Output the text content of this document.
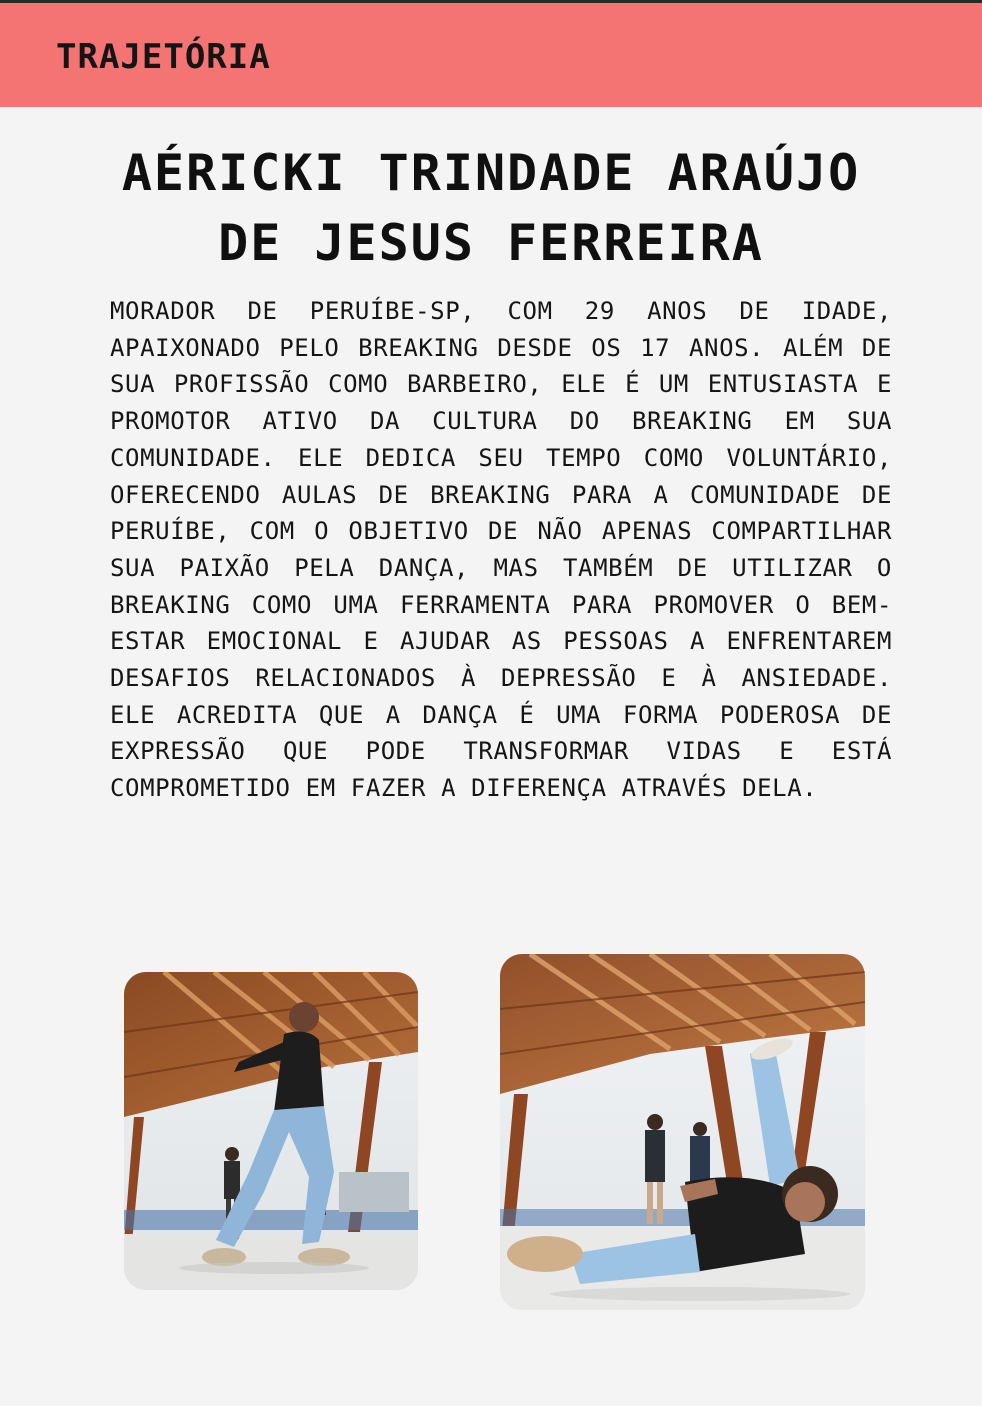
TRAJETÓRIA
AÉRICKI TRINDADE ARAÚJO
DE JESUS FERREIRA

MORADOR DE PERUÍBE-SP, COM 29 ANOS DE IDADE, APAIXONADO PELO BREAKING DESDE OS 17 ANOS. ALÉM DE SUA PROFISSÃO COMO BARBEIRO, ELE É UM ENTUSIASTA E PROMOTOR ATIVO DA CULTURA DO BREAKING EM SUA COMUNIDADE. ELE DEDICA SEU TEMPO COMO VOLUNTÁRIO, OFERECENDO AULAS DE BREAKING PARA A COMUNIDADE DE PERUÍBE, COM O OBJETIVO DE NÃO APENAS COMPARTILHAR SUA PAIXÃO PELA DANÇA, MAS TAMBÉM DE UTILIZAR O BREAKING COMO UMA FERRAMENTA PARA PROMOVER O BEM-ESTAR EMOCIONAL E AJUDAR AS PESSOAS A ENFRENTAREM DESAFIOS RELACIONADOS À DEPRESSÃO E À ANSIEDADE. ELE ACREDITA QUE A DANÇA É UMA FORMA PODEROSA DE EXPRESSÃO QUE PODE TRANSFORMAR VIDAS E ESTÁ COMPROMETIDO EM FAZER A DIFERENÇA ATRAVÉS DELA.
